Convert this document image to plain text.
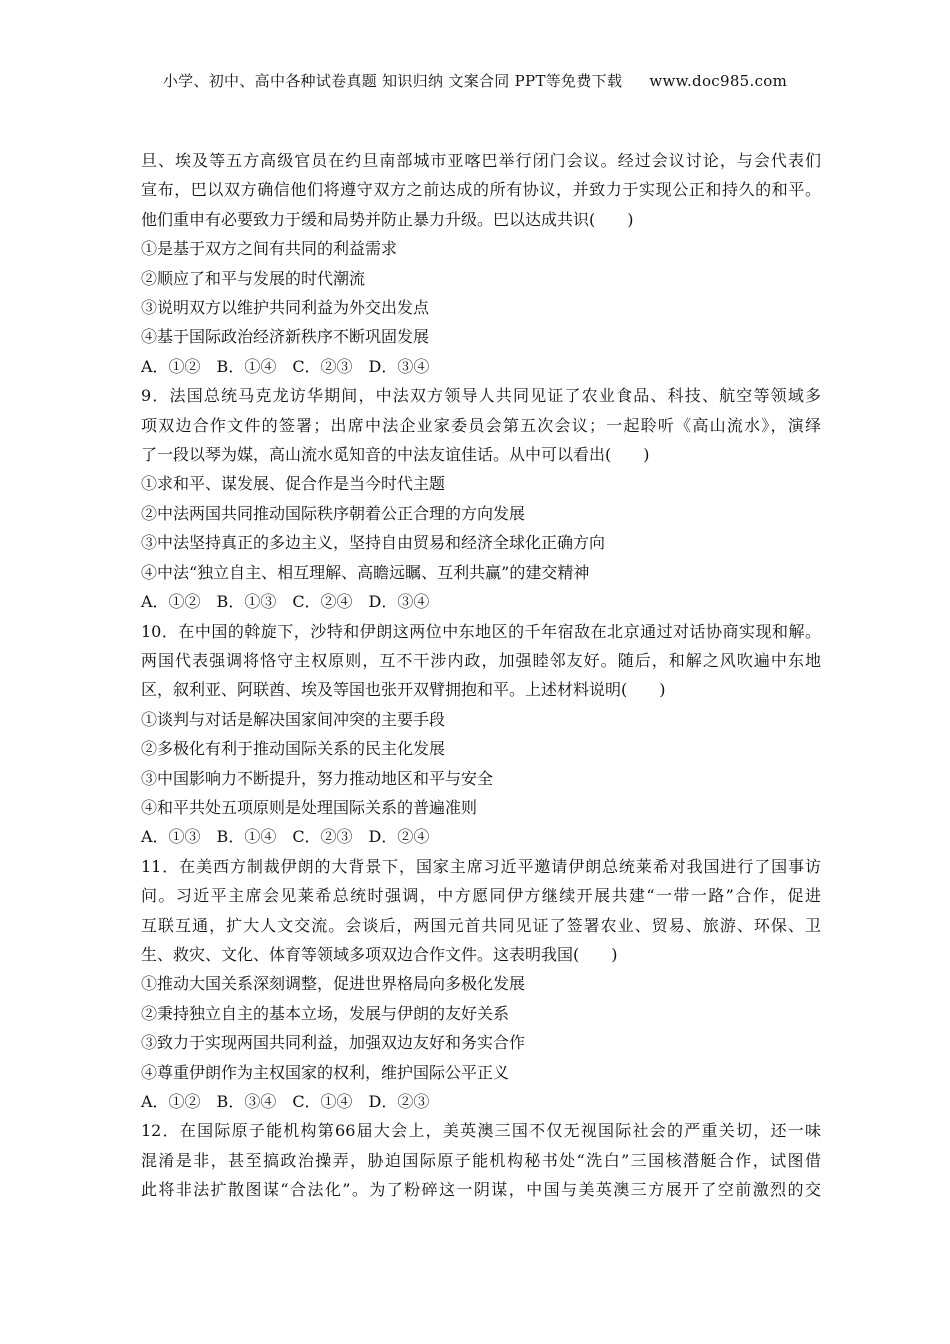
小学、初中、高中各种试卷真题 知识归纳 文案合同 PPT等免费下载 www.doc985.com
旦、埃及等五方高级官员在约旦南部城市亚喀巴举行闭门会议。经过会议讨论，与会代表们
宣布，巴以双方确信他们将遵守双方之前达成的所有协议，并致力于实现公正和持久的和平。
他们重申有必要致力于缓和局势并防止暴力升级。巴以达成共识(　　)
①是基于双方之间有共同的利益需求
②顺应了和平与发展的时代潮流
③说明双方以维护共同利益为外交出发点
④基于国际政治经济新秩序不断巩固发展
A．①②　B．①④　C．②③　D．③④
9．法国总统马克龙访华期间，中法双方领导人共同见证了农业食品、科技、航空等领域多
项双边合作文件的签署；出席中法企业家委员会第五次会议；一起聆听《高山流水》，演绎
了一段以琴为媒，高山流水觅知音的中法友谊佳话。从中可以看出(　　)
①求和平、谋发展、促合作是当今时代主题
②中法两国共同推动国际秩序朝着公正合理的方向发展
③中法坚持真正的多边主义，坚持自由贸易和经济全球化正确方向
④中法“独立自主、相互理解、高瞻远瞩、互利共赢”的建交精神
A．①②　B．①③　C．②④　D．③④
10．在中国的斡旋下，沙特和伊朗这两位中东地区的千年宿敌在北京通过对话协商实现和解。
两国代表强调将恪守主权原则，互不干涉内政，加强睦邻友好。随后，和解之风吹遍中东地
区，叙利亚、阿联酋、埃及等国也张开双臂拥抱和平。上述材料说明(　　)
①谈判与对话是解决国家间冲突的主要手段
②多极化有利于推动国际关系的民主化发展
③中国影响力不断提升，努力推动地区和平与安全
④和平共处五项原则是处理国际关系的普遍准则
A．①③　B．①④　C．②③　D．②④
11．在美西方制裁伊朗的大背景下，国家主席习近平邀请伊朗总统莱希对我国进行了国事访
问。习近平主席会见莱希总统时强调，中方愿同伊方继续开展共建“一带一路”合作，促进
互联互通，扩大人文交流。会谈后，两国元首共同见证了签署农业、贸易、旅游、环保、卫
生、救灾、文化、体育等领域多项双边合作文件。这表明我国(　　)
①推动大国关系深刻调整，促进世界格局向多极化发展
②秉持独立自主的基本立场，发展与伊朗的友好关系
③致力于实现两国共同利益，加强双边友好和务实合作
④尊重伊朗作为主权国家的权利，维护国际公平正义
A．①②　B．③④　C．①④　D．②③
12．在国际原子能机构第66届大会上，美英澳三国不仅无视国际社会的严重关切，还一味
混淆是非，甚至搞政治操弄，胁迫国际原子能机构秘书处“洗白”三国核潜艇合作，试图借
此将非法扩散图谋“合法化”。为了粉碎这一阴谋，中国与美英澳三方展开了空前激烈的交
